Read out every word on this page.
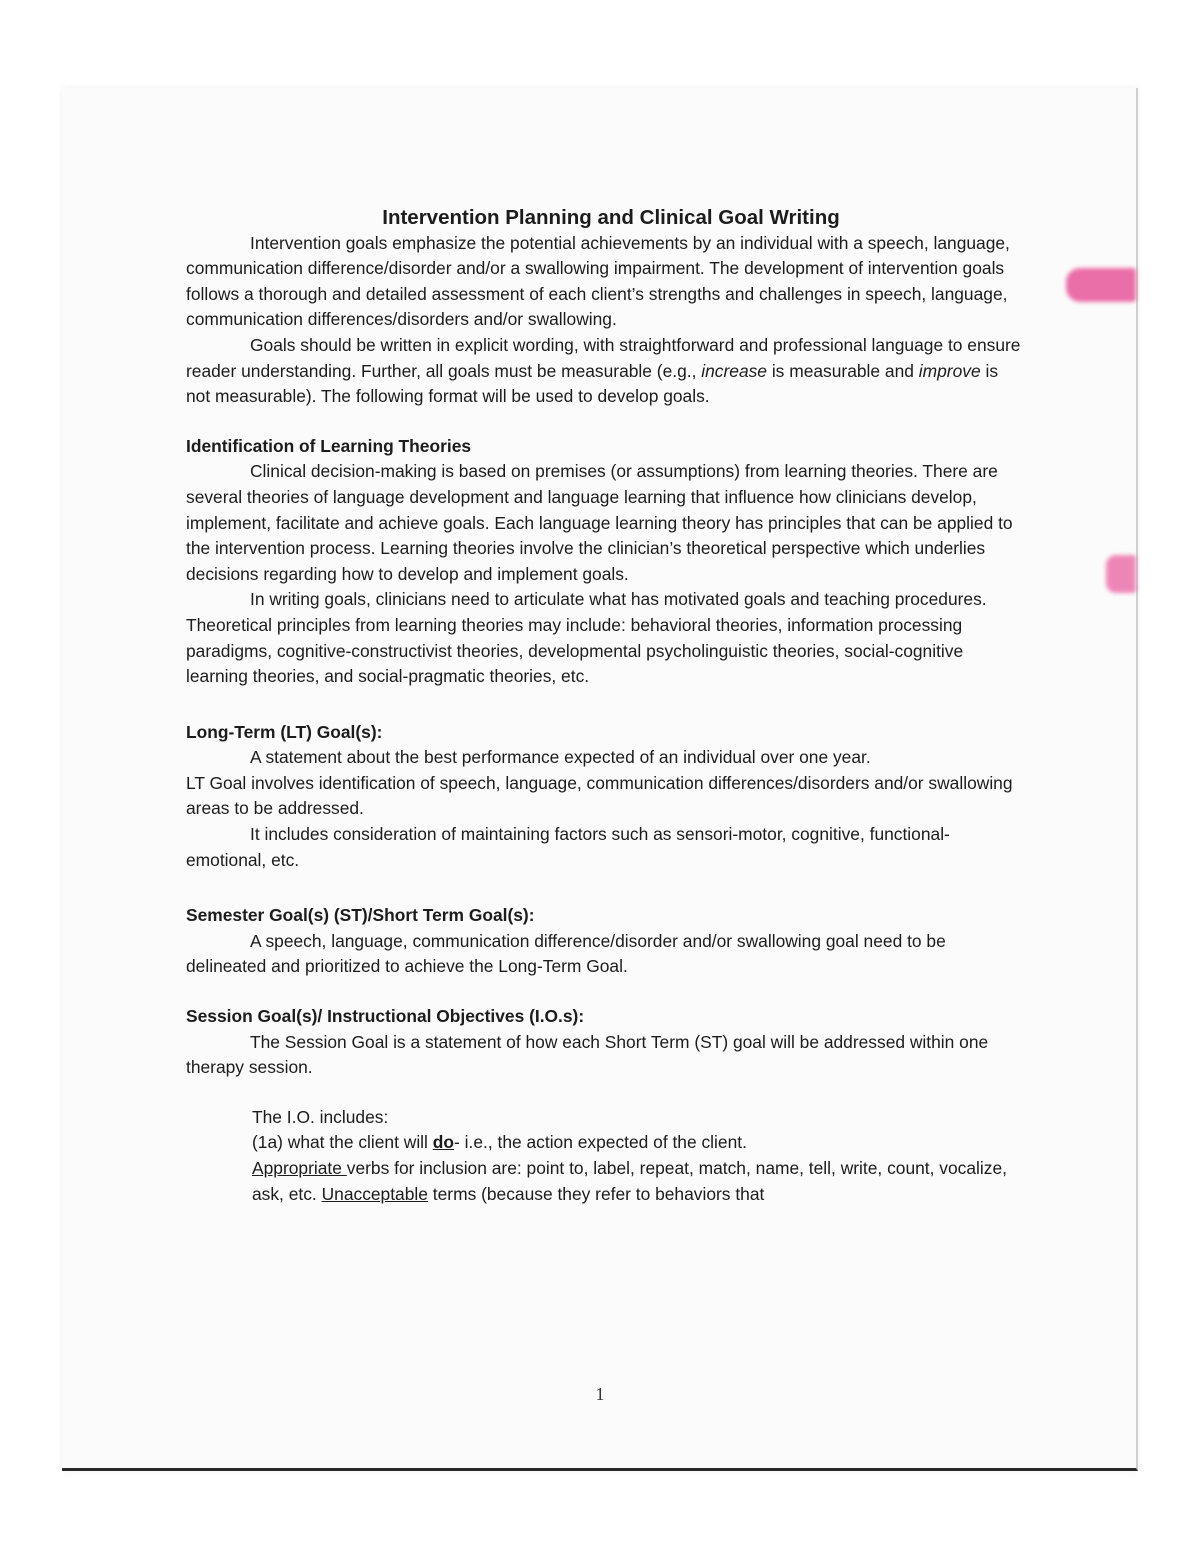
Intervention Planning and Clinical Goal Writing

Intervention goals emphasize the potential achievements by an individual with a speech, language, communication difference/disorder and/or a swallowing impairment. The development of intervention goals follows a thorough and detailed assessment of each client’s strengths and challenges in speech, language, communication differences/disorders and/or swallowing.

Goals should be written in explicit wording, with straightforward and professional language to ensure reader understanding. Further, all goals must be measurable (e.g., increase is measurable and improve is not measurable). The following format will be used to develop goals.

Identification of Learning Theories

Clinical decision-making is based on premises (or assumptions) from learning theories. There are several theories of language development and language learning that influence how clinicians develop, implement, facilitate and achieve goals. Each language learning theory has principles that can be applied to the intervention process. Learning theories involve the clinician’s theoretical perspective which underlies decisions regarding how to develop and implement goals.

In writing goals, clinicians need to articulate what has motivated goals and teaching procedures. Theoretical principles from learning theories may include: behavioral theories, information processing paradigms, cognitive-constructivist theories, developmental psycholinguistic theories, social-cognitive learning theories, and social-pragmatic theories, etc.

Long-Term (LT) Goal(s):

A statement about the best performance expected of an individual over one year.

LT Goal involves identification of speech, language, communication differences/disorders and/or swallowing areas to be addressed.

It includes consideration of maintaining factors such as sensori-motor, cognitive, functional-emotional, etc.

Semester Goal(s) (ST)/Short Term Goal(s):

A speech, language, communication difference/disorder and/or swallowing goal need to be delineated and prioritized to achieve the Long-Term Goal.

Session Goal(s)/ Instructional Objectives (I.O.s):

The Session Goal is a statement of how each Short Term (ST) goal will be addressed within one therapy session.

The I.O. includes:

(1a) what the client will do- i.e., the action expected of the client.

Appropriate verbs for inclusion are: point to, label, repeat, match, name, tell, write, count, vocalize, ask, etc. Unacceptable terms (because they refer to behaviors that

1
